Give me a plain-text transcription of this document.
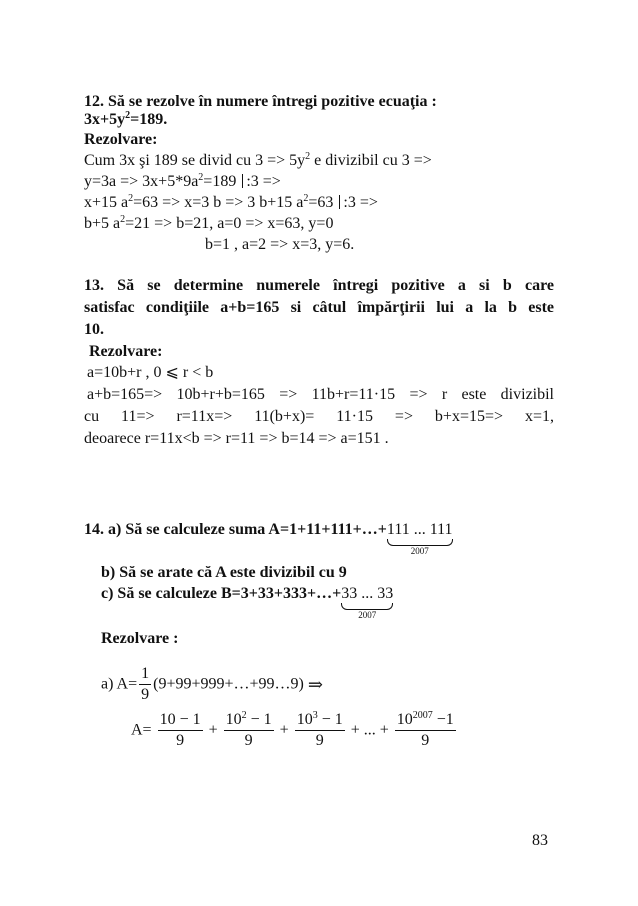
12. Să se rezolve în numere întregi pozitive ecuaţia :
$3x+5y^2=189$.
Rezolvare:
Cum 3x şi 189 se divid cu $3 => 5y^2$ e divizibil cu 3 =>
$y=3a => 3x+5*9a^2=189$ :3 =>
x+15 $a^2=63 => x=3$ b => 3 b+15 $a^2=63$ :3 =>
b+5 $a^2=21 => b=21$, a=0 => x=63, y=0
b=1 , a=2 => x=3, y=6.
13. Să se determine numerele întregi pozitive a si b care
satisfac condiţiile a+b=165 si câtul împărţirii lui a la b este
10.
Rezolvare:
a=10b+r , 0 ⩽ r < b
a+b=165=> 10b+r+b=165 => 11b+r=11·15 => r este divizibil
cu 11=> r=11x=> 11(b+x)= 11·15 => b+x=15=> x=1,
deoarece r=11x<b => r=11 => b=14 => a=151 .
14. a) Să se calculeze suma A=1+11+111+…+111 ... 111
2007
b) Să se arate că A este divizibil cu 9
c) Să se calculeze B=3+33+333+…+33 ... 33
2007
Rezolvare :
a) $A= \frac{1}{9}$ (9+99+999+…+99…9) ⇒
$A= \frac{10 - 1}{9} + \frac{10^2 - 1}{9} + \frac{10^3 - 1}{9}$ + ... + $\frac{10^{2007} -1}{9}$
83
